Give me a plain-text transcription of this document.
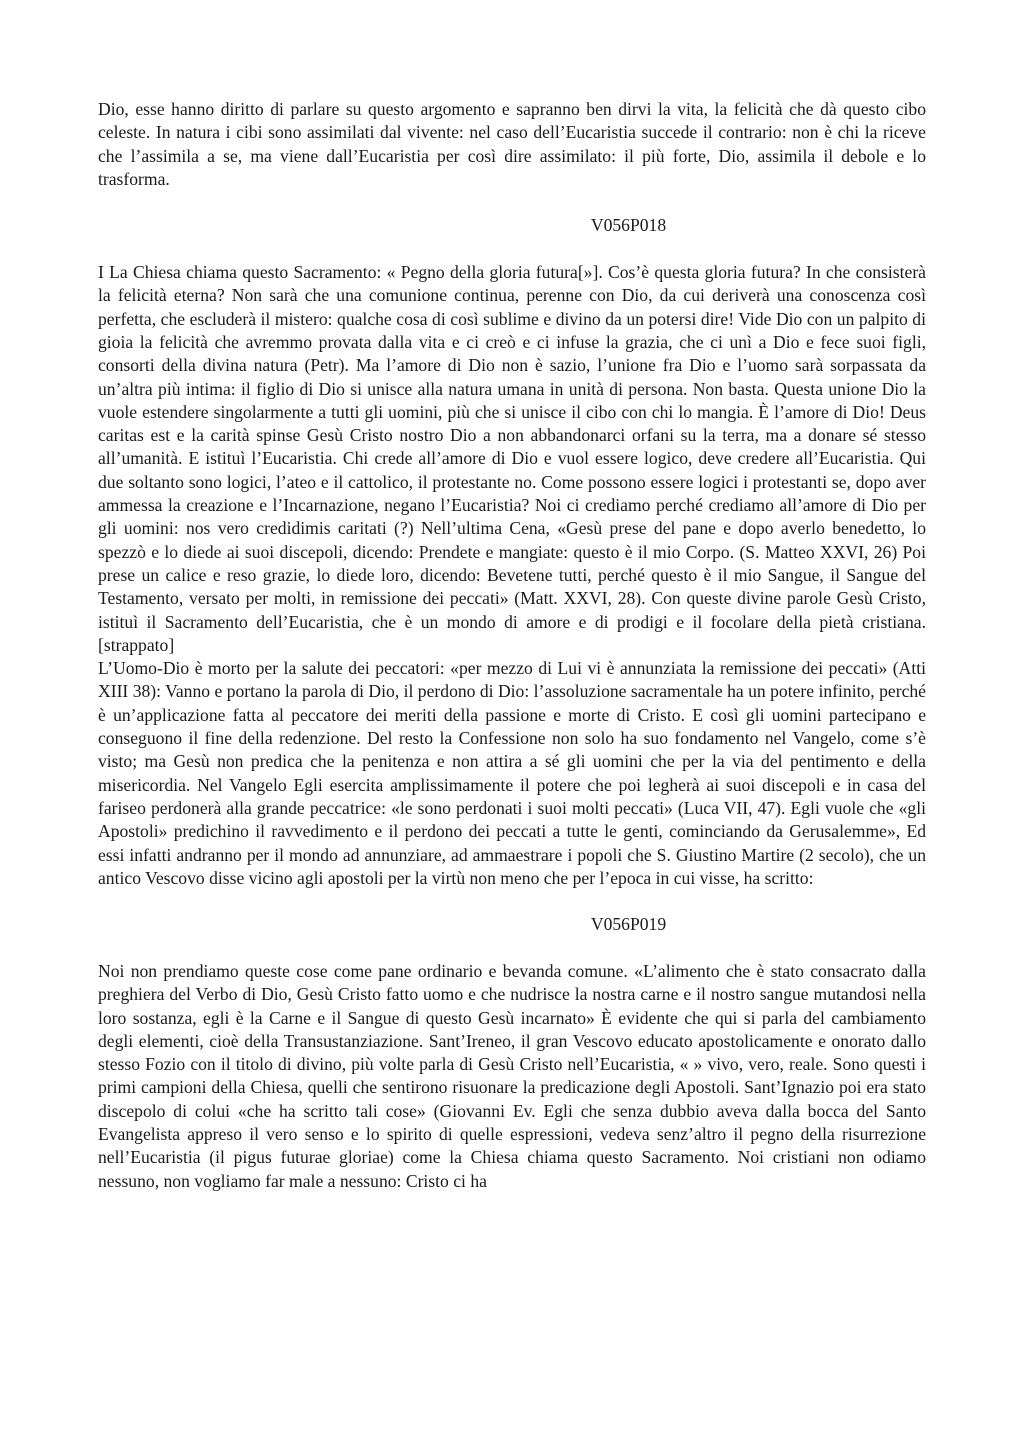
Dio, esse hanno diritto di parlare su questo argomento e sapranno ben dirvi la vita, la felicità che dà questo cibo celeste. In natura i cibi sono assimilati dal vivente: nel caso dell’Eucaristia succede il contrario: non è chi la riceve che l’assimila a se, ma viene dall’Eucaristia per così dire assimilato: il più forte, Dio, assimila il debole e lo trasforma.

V056P018

I La Chiesa chiama questo Sacramento: « Pegno della gloria futura[»]. Cos’è questa gloria futura? In che consisterà la felicità eterna? Non sarà che una comunione continua, perenne con Dio, da cui deriverà una conoscenza così perfetta, che escluderà il mistero: qualche cosa di così sublime e divino da un potersi dire! Vide Dio con un palpito di gioia la felicità che avremmo provata dalla vita e ci creò e ci infuse la grazia, che ci unì a Dio e fece suoi figli, consorti della divina natura (Petr). Ma l’amore di Dio non è sazio, l’unione fra Dio e l’uomo sarà sorpassata da un’altra più intima: il figlio di Dio si unisce alla natura umana in unità di persona. Non basta. Questa unione Dio la vuole estendere singolarmente a tutti gli uomini, più che si unisce il cibo con chi lo mangia. È l’amore di Dio! Deus caritas est e la carità spinse Gesù Cristo nostro Dio a non abbandonarci orfani su la terra, ma a donare sé stesso all’umanità. E istituì l’Eucaristia. Chi crede all’amore di Dio e vuol essere logico, deve credere all’Eucaristia. Qui due soltanto sono logici, l’ateo e il cattolico, il protestante no. Come possono essere logici i protestanti se, dopo aver ammessa la creazione e l’Incarnazione, negano l’Eucaristia? Noi ci crediamo perché crediamo all’amore di Dio per gli uomini: nos vero credidimis caritati (?) Nell’ultima Cena, «Gesù prese del pane e dopo averlo benedetto, lo spezzò e lo diede ai suoi discepoli, dicendo: Prendete e mangiate: questo è il mio Corpo. (S. Matteo XXVI, 26) Poi prese un calice e reso grazie, lo diede loro, dicendo: Bevetene tutti, perché questo è il mio Sangue, il Sangue del Testamento, versato per molti, in remissione dei peccati» (Matt. XXVI, 28). Con queste divine parole Gesù Cristo, istituì il Sacramento dell’Eucaristia, che è un mondo di amore e di prodigi e il focolare della pietà cristiana. [strappato]

L’Uomo-Dio è morto per la salute dei peccatori: «per mezzo di Lui vi è annunziata la remissione dei peccati» (Atti XIII 38): Vanno e portano la parola di Dio, il perdono di Dio: l’assoluzione sacramentale ha un potere infinito, perché è un’applicazione fatta al peccatore dei meriti della passione e morte di Cristo. E così gli uomini partecipano e conseguono il fine della redenzione. Del resto la Confessione non solo ha suo fondamento nel Vangelo, come s’è visto; ma Gesù non predica che la penitenza e non attira a sé gli uomini che per la via del pentimento e della misericordia. Nel Vangelo Egli esercita amplissimamente il potere che poi legherà ai suoi discepoli e in casa del fariseo perdonerà alla grande peccatrice: «le sono perdonati i suoi molti peccati» (Luca VII, 47). Egli vuole che «gli Apostoli» predichino il ravvedimento e il perdono dei peccati a tutte le genti, cominciando da Gerusalemme», Ed essi infatti andranno per il mondo ad annunziare, ad ammaestrare i popoli che S. Giustino Martire (2 secolo), che un antico Vescovo disse vicino agli apostoli per la virtù non meno che per l’epoca in cui visse, ha scritto:

V056P019

Noi non prendiamo queste cose come pane ordinario e bevanda comune. «L’alimento che è stato consacrato dalla preghiera del Verbo di Dio, Gesù Cristo fatto uomo e che nudrisce la nostra carne e il nostro sangue mutandosi nella loro sostanza, egli è la Carne e il Sangue di questo Gesù incarnato» È evidente che qui si parla del cambiamento degli elementi, cioè della Transustanziazione. Sant’Ireneo, il gran Vescovo educato apostolicamente e onorato dallo stesso Fozio con il titolo di divino, più volte parla di Gesù Cristo nell’Eucaristia, « » vivo, vero, reale. Sono questi i primi campioni della Chiesa, quelli che sentirono risuonare la predicazione degli Apostoli. Sant’Ignazio poi era stato discepolo di colui «che ha scritto tali cose» (Giovanni Ev. Egli che senza dubbio aveva dalla bocca del Santo Evangelista appreso il vero senso e lo spirito di quelle espressioni, vedeva senz’altro il pegno della risurrezione nell’Eucaristia (il pigus futurae gloriae) come la Chiesa chiama questo Sacramento. Noi cristiani non odiamo nessuno, non vogliamo far male a nessuno: Cristo ci ha
